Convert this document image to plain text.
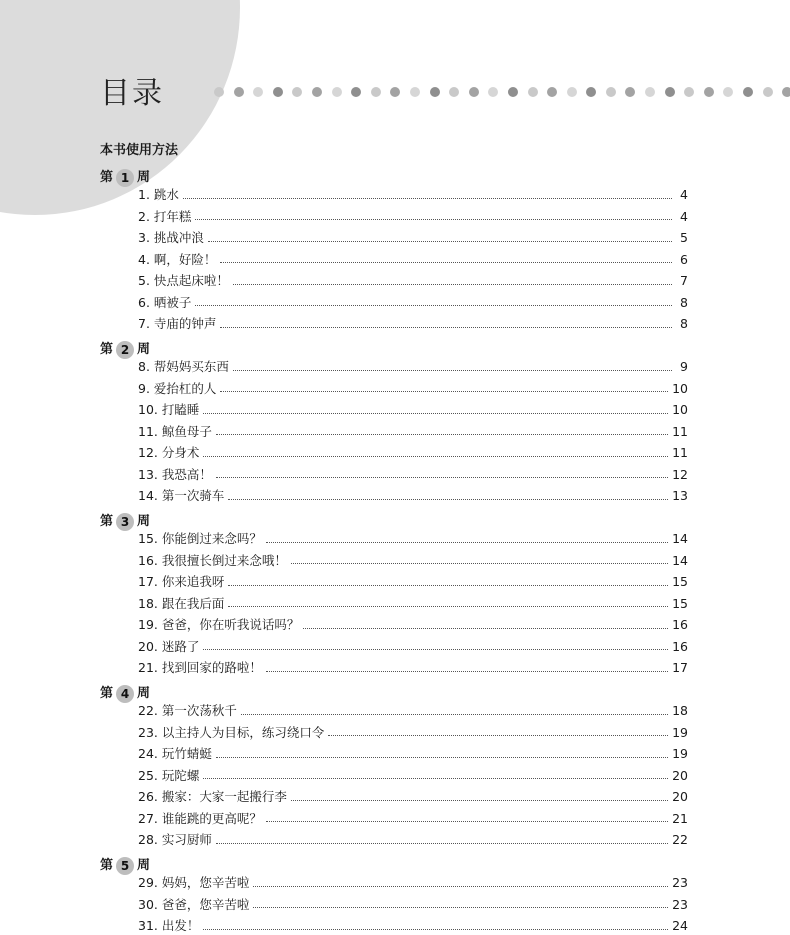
目录
本书使用方法
第 1 周
1. 跳水	4
2. 打年糕	4
3. 挑战冲浪	5
4. 啊，好险！	6
5. 快点起床啦！	7
6. 晒被子	8
7. 寺庙的钟声	8
第 2 周
8. 帮妈妈买东西	9
9. 爱抬杠的人	10
10. 打瞌睡	10
11. 鲸鱼母子	11
12. 分身术	11
13. 我恐高！	12
14. 第一次骑车	13
第 3 周
15. 你能倒过来念吗？	14
16. 我很擅长倒过来念哦！	14
17. 你来追我呀	15
18. 跟在我后面	15
19. 爸爸，你在听我说话吗？	16
20. 迷路了	16
21. 找到回家的路啦！	17
第 4 周
22. 第一次荡秋千	18
23. 以主持人为目标，练习绕口令	19
24. 玩竹蜻蜓	19
25. 玩陀螺	20
26. 搬家：大家一起搬行李	20
27. 谁能跳的更高呢？	21
28. 实习厨师	22
第 5 周
29. 妈妈，您辛苦啦	23
30. 爸爸，您辛苦啦	23
31. 出发！	24
